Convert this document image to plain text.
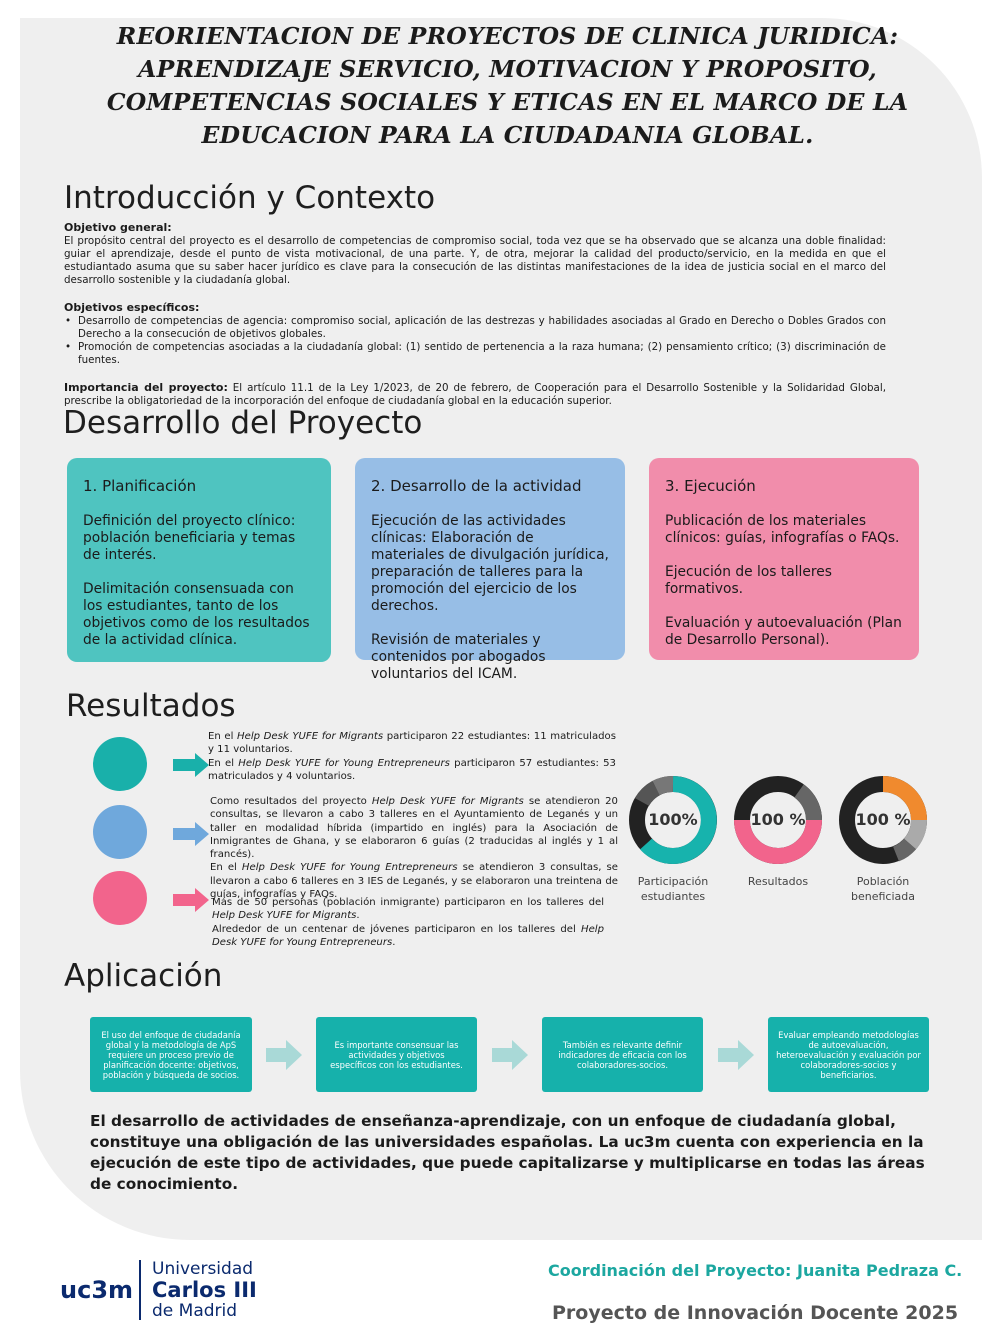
REORIENTACION DE PROYECTOS DE CLINICA JURIDICA: APRENDIZAJE SERVICIO, MOTIVACION Y PROPOSITO, COMPETENCIAS SOCIALES Y ETICAS EN EL MARCO DE LA EDUCACION PARA LA CIUDADANIA GLOBAL.
Introducción y Contexto
Objetivo general:
El propósito central del proyecto es el desarrollo de competencias de compromiso social, toda vez que se ha observado que se alcanza una doble finalidad: guiar el aprendizaje, desde el punto de vista motivacional, de una parte. Y, de otra, mejorar la calidad del producto/servicio, en la medida en que el estudiantado asuma que su saber hacer jurídico es clave para la consecución de las distintas manifestaciones de la idea de justicia social en el marco del desarrollo sostenible y la ciudadanía global.
Objetivos específicos:
• Desarrollo de competencias de agencia: compromiso social, aplicación de las destrezas y habilidades asociadas al Grado en Derecho o Dobles Grados con Derecho a la consecución de objetivos globales.
• Promoción de competencias asociadas a la ciudadanía global: (1) sentido de pertenencia a la raza humana; (2) pensamiento crítico; (3) discriminación de fuentes.
Importancia del proyecto: El artículo 11.1 de la Ley 1/2023, de 20 de febrero, de Cooperación para el Desarrollo Sostenible y la Solidaridad Global, prescribe la obligatoriedad de la incorporación del enfoque de ciudadanía global en la educación superior.
Desarrollo del Proyecto
1. Planificación

Definición del proyecto clínico: población beneficiaria y temas de interés.

Delimitación consensuada con los estudiantes, tanto de los objetivos como de los resultados de la actividad clínica.

2. Desarrollo de la actividad

Ejecución de las actividades clínicas: Elaboración de materiales de divulgación jurídica, preparación de talleres para la promoción del ejercicio de los derechos.

Revisión de materiales y contenidos por abogados voluntarios del ICAM.

3. Ejecución

Publicación de los materiales clínicos: guías, infografías o FAQs.

Ejecución de los talleres formativos.

Evaluación y autoevaluación (Plan de Desarrollo Personal).

Resultados
En el Help Desk YUFE for Migrants participaron 22 estudiantes: 11 matriculados y 11 voluntarios.
En el Help Desk YUFE for Young Entrepreneurs participaron 57 estudiantes: 53 matriculados y 4 voluntarios.
Como resultados del proyecto Help Desk YUFE for Migrants se atendieron 20 consultas, se llevaron a cabo 3 talleres en el Ayuntamiento de Leganés y un taller en modalidad híbrida (impartido en inglés) para la Asociación de Inmigrantes de Ghana, y se elaboraron 6 guías (2 traducidas al inglés y 1 al francés).
En el Help Desk YUFE for Young Entrepreneurs se atendieron 3 consultas, se llevaron a cabo 6 talleres en 3 IES de Leganés, y se elaboraron una treintena de guías, infografías y FAQs.
Más de 50 personas (población inmigrante) participaron en los talleres del Help Desk YUFE for Migrants.
Alrededor de un centenar de jóvenes participaron en los talleres del Help Desk YUFE for Young Entrepreneurs.
100%	100 %	100 %
Participación
estudiantes
Resultados	Población
beneficiada
Aplicación
El uso del enfoque de ciudadanía global y la metodología de ApS requiere un proceso previo de planificación docente: objetivos, población y búsqueda de socios.
Es importante consensuar las actividades y objetivos específicos con los estudiantes.
También es relevante definir indicadores de eficacia con los colaboradores-socios.
Evaluar empleando metodologías de autoevaluación, heteroevaluación y evaluación por colaboradores-socios y beneficiarios.
El desarrollo de actividades de enseñanza-aprendizaje, con un enfoque de ciudadanía global, constituye una obligación de las universidades españolas. La uc3m cuenta con experiencia en la ejecución de este tipo de actividades, que puede capitalizarse y multiplicarse en todas las áreas de conocimiento.
uc3m
Universidad
Carlos III
de Madrid
Coordinación del Proyecto: Juanita Pedraza C.
Proyecto de Innovación Docente 2025
